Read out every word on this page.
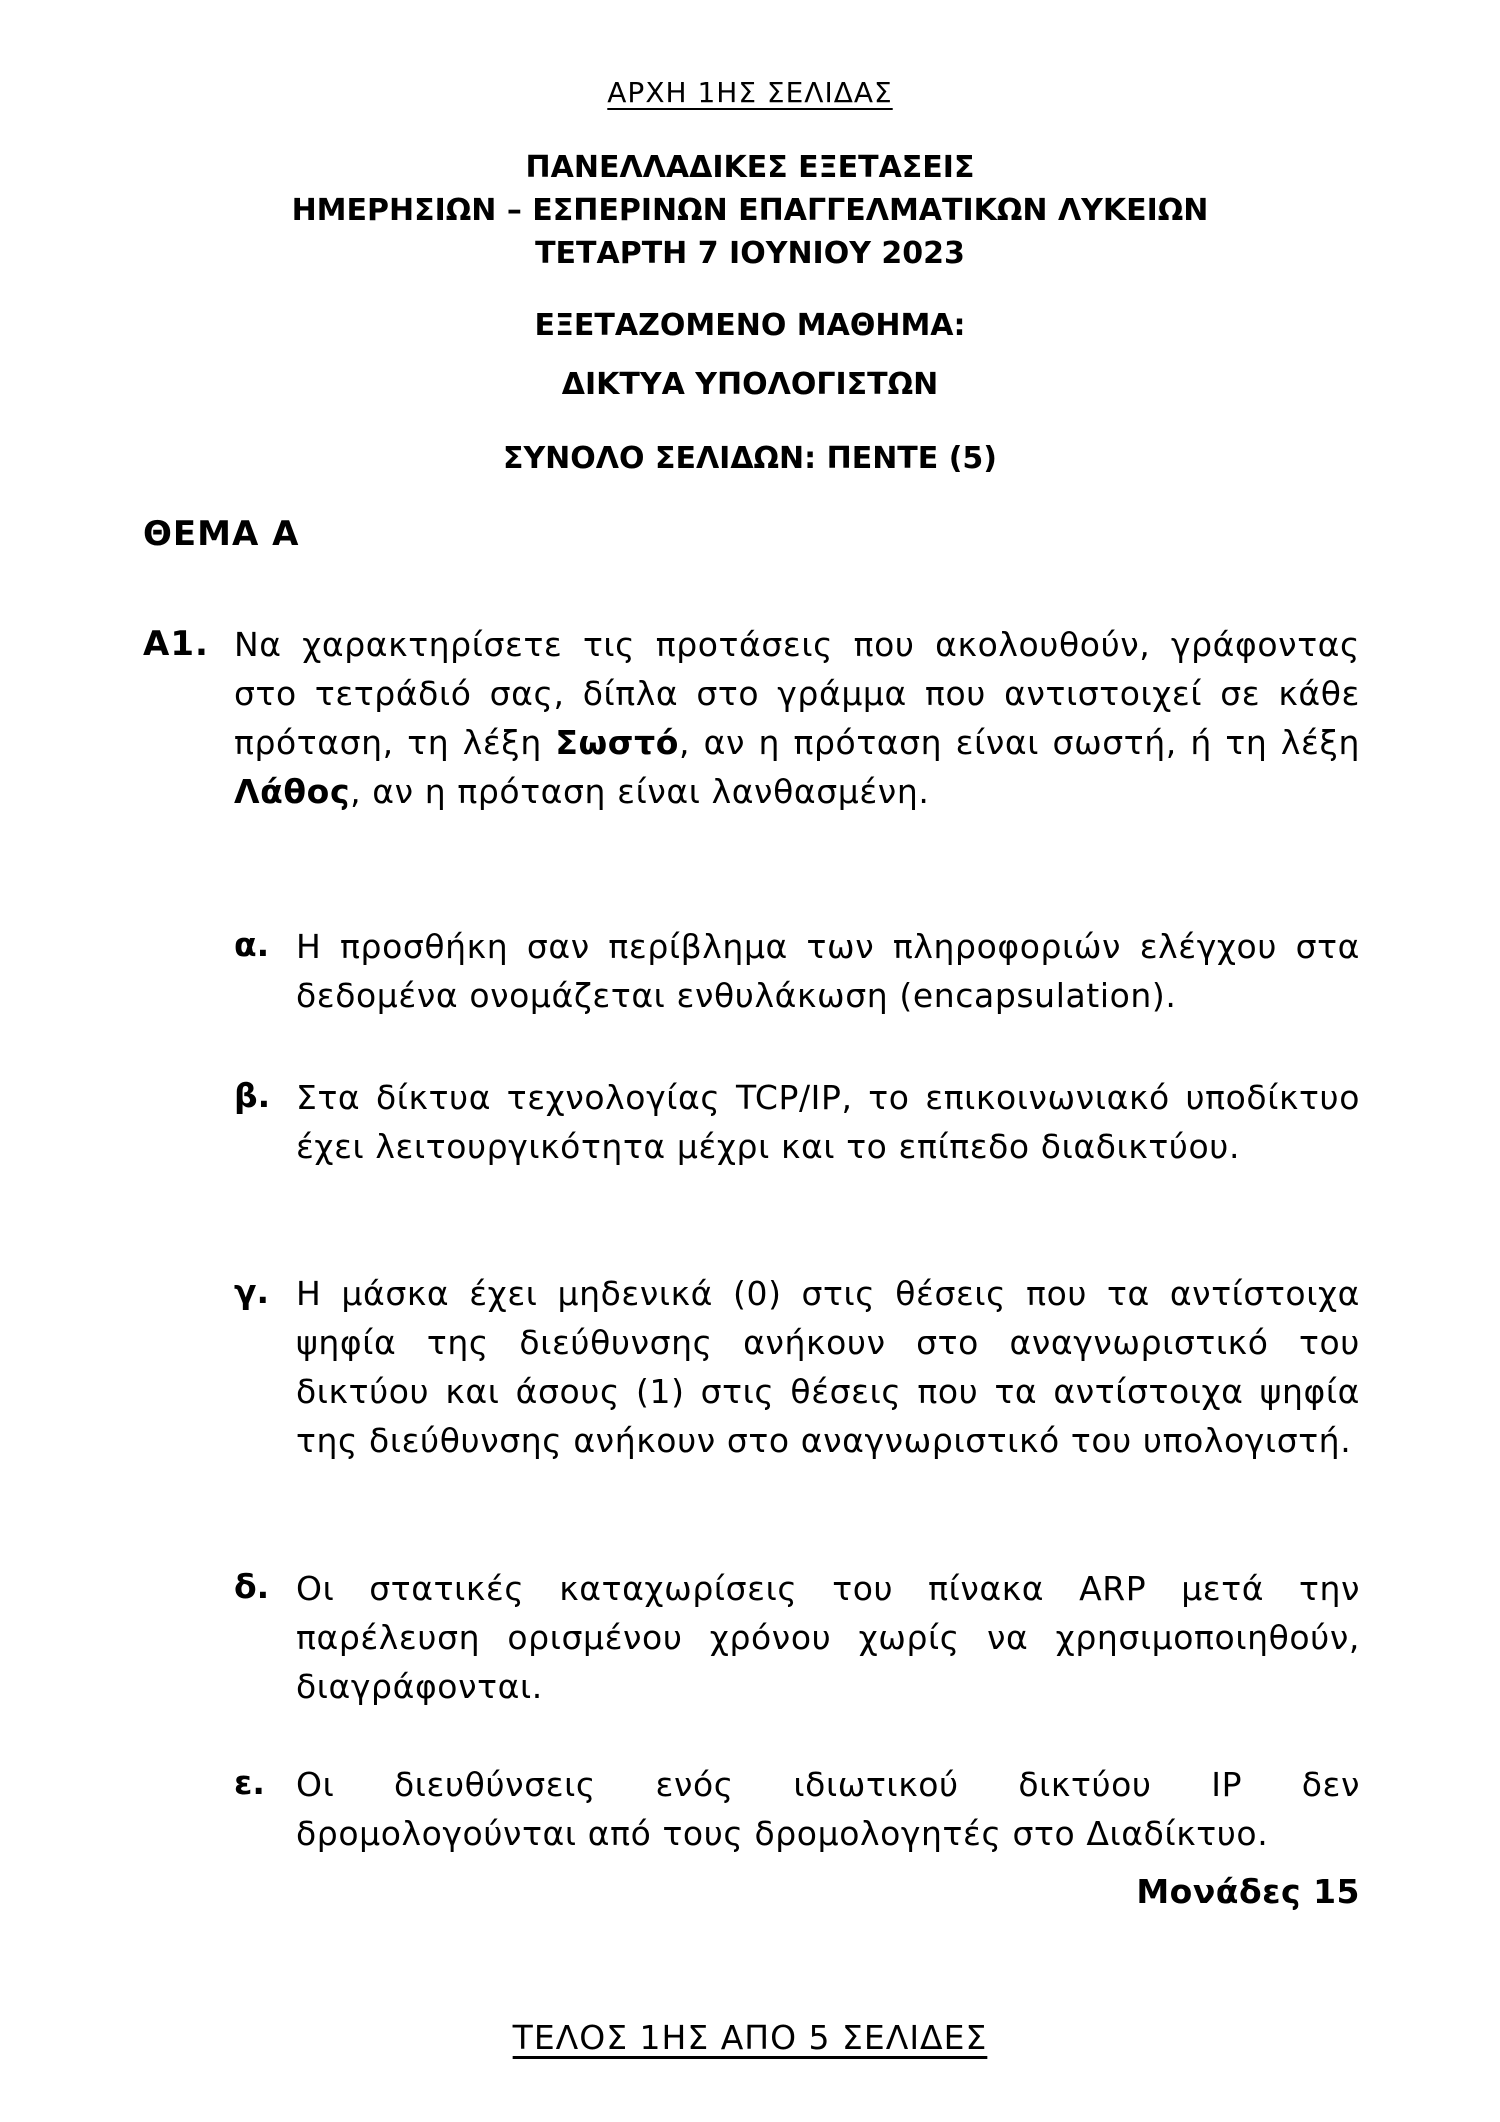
ΑΡΧΗ 1ΗΣ ΣΕΛΙΔΑΣ
ΠΑΝΕΛΛΑΔΙΚΕΣ ΕΞΕΤΑΣΕΙΣ
ΗΜΕΡΗΣΙΩΝ – ΕΣΠΕΡΙΝΩΝ ΕΠΑΓΓΕΛΜΑΤΙΚΩΝ ΛΥΚΕΙΩΝ
ΤΕΤΑΡΤΗ 7 ΙΟΥΝΙΟΥ 2023
ΕΞΕΤΑΖΟΜΕΝΟ ΜΑΘΗΜΑ:
ΔΙΚΤΥΑ ΥΠΟΛΟΓΙΣΤΩΝ
ΣΥΝΟΛΟ ΣΕΛΙΔΩΝ: ΠΕΝΤΕ (5)
ΘΕΜΑ Α
Α1. Να χαρακτηρίσετε τις προτάσεις που ακολουθούν, γράφοντας στο τετράδιό σας, δίπλα στο γράμμα που αντιστοιχεί σε κάθε πρόταση, τη λέξη Σωστό, αν η πρόταση είναι σωστή, ή τη λέξη Λάθος, αν η πρόταση είναι λανθασμένη.
α. Η προσθήκη σαν περίβλημα των πληροφοριών ελέγχου στα δεδομένα ονομάζεται ενθυλάκωση (encapsulation).
β. Στα δίκτυα τεχνολογίας TCP/IP, το επικοινωνιακό υποδίκτυο έχει λειτουργικότητα μέχρι και το επίπεδο διαδικτύου.
γ. Η μάσκα έχει μηδενικά (0) στις θέσεις που τα αντίστοιχα ψηφία της διεύθυνσης ανήκουν στο αναγνωριστικό του δικτύου και άσους (1) στις θέσεις που τα αντίστοιχα ψηφία της διεύθυνσης ανήκουν στο αναγνωριστικό του υπολογιστή.
δ. Οι στατικές καταχωρίσεις του πίνακα ARP μετά την παρέλευση ορισμένου χρόνου χωρίς να χρησιμοποιηθούν, διαγράφονται.
ε. Οι διευθύνσεις ενός ιδιωτικού δικτύου IP δεν δρομολογούνται από τους δρομολογητές στο Διαδίκτυο.
Μονάδες 15
ΤΕΛΟΣ 1ΗΣ ΑΠΟ 5 ΣΕΛΙΔΕΣ
